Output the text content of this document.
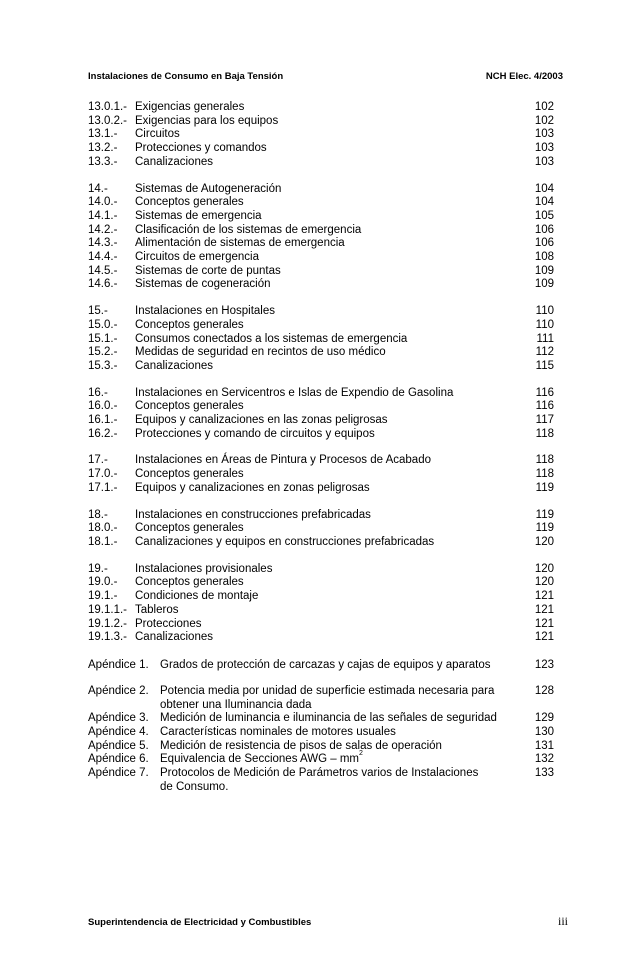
Instalaciones de Consumo en Baja Tensión	NCH Elec. 4/2003
13.0.1.- Exigencias generales	102
13.0.2.- Exigencias para los equipos	102
13.1.-	Circuitos	103
13.2.-	Protecciones y comandos	103
13.3.-	Canalizaciones	103
14.-	Sistemas de Autogeneración	104
14.0.-	Conceptos generales	104
14.1.-	Sistemas de emergencia	105
14.2.-	Clasificación de los sistemas de emergencia	106
14.3.-	Alimentación de sistemas de emergencia	106
14.4.-	Circuitos de emergencia	108
14.5.-	Sistemas de corte de puntas	109
14.6.-	Sistemas de cogeneración	109
15.-	Instalaciones en Hospitales	110
15.0.-	Conceptos generales	110
15.1.-	Consumos conectados a los sistemas de emergencia	111
15.2.-	Medidas de seguridad en recintos de uso médico	112
15.3.-	Canalizaciones	115
16.-	Instalaciones en Servicentros e Islas de Expendio de Gasolina	116
16.0.-	Conceptos generales	116
16.1.-	Equipos y canalizaciones en las zonas peligrosas	117
16.2.-	Protecciones y comando de circuitos y equipos	118
17.-	Instalaciones en Áreas de Pintura y Procesos de Acabado	118
17.0.-	Conceptos generales	118
17.1.-	Equipos y canalizaciones en zonas peligrosas	119
18.-	Instalaciones en construcciones prefabricadas	119
18.0.-	Conceptos generales	119
18.1.-	Canalizaciones y equipos en construcciones prefabricadas	120
19.-	Instalaciones provisionales	120
19.0.-	Conceptos generales	120
19.1.-	Condiciones de montaje	121
19.1.1.- Tableros	121
19.1.2.- Protecciones	121
19.1.3.- Canalizaciones	121
Apéndice 1. Grados de protección de carcazas y cajas de equipos y aparatos	123
Apéndice 2. Potencia media por unidad de superficie estimada necesaria para	128
obtener una Iluminancia dada
Apéndice 3. Medición de luminancia e iluminancia de las señales de seguridad	129
Apéndice 4. Características nominales de motores usuales	130
Apéndice 5. Medición de resistencia de pisos de salas de operación	131
Apéndice 6. Equivalencia de Secciones AWG – $mm^2$	132
Apéndice 7. Protocolos de Medición de Parámetros varios de Instalaciones	133
de Consumo.
Superintendencia de Electricidad y Combustibles	iii
